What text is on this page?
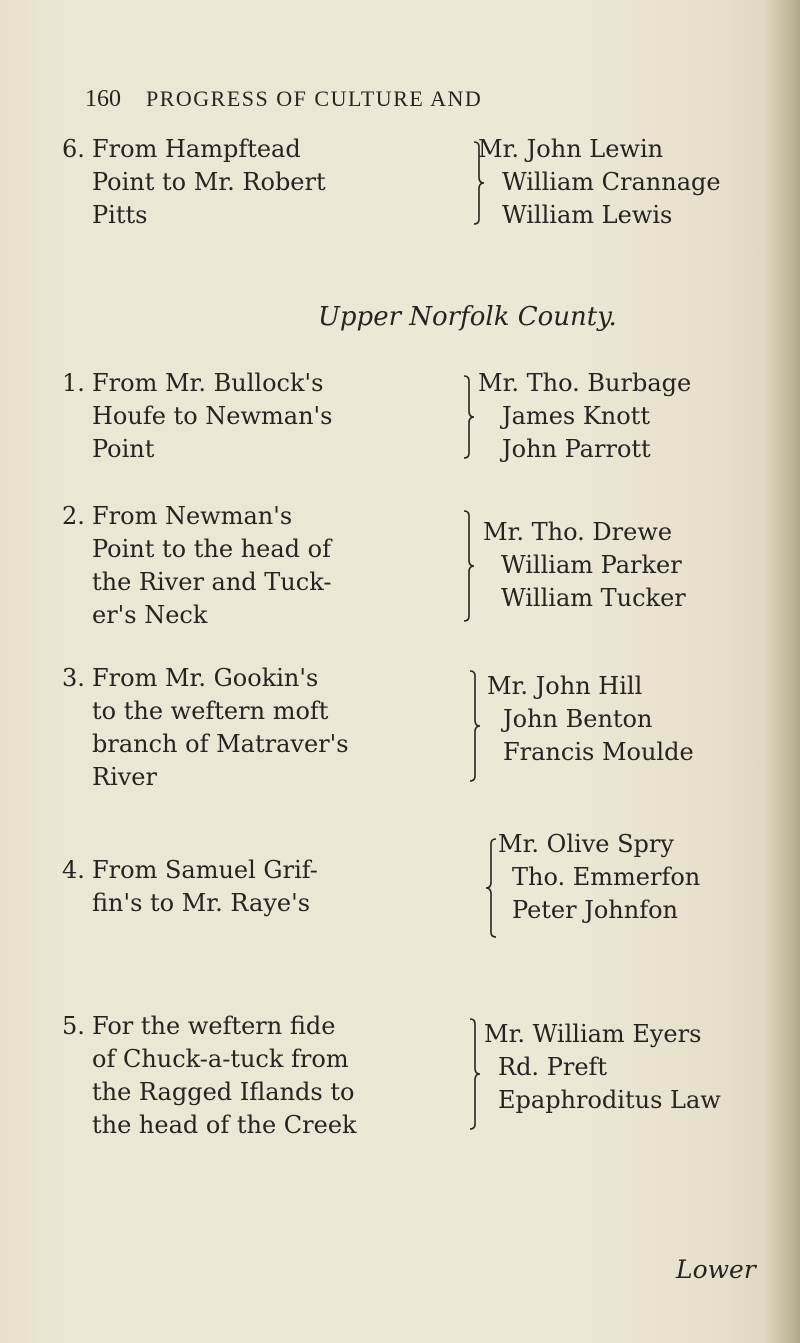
160 PROGRESS OF CULTURE AND
6. From Hampftead
Point to Mr. Robert
Pitts
Mr. John Lewin
William Crannage
William Lewis
Upper Norfolk County.
1. From Mr. Bullock's
Houfe to Newman's
Point
Mr. Tho. Burbage
James Knott
John Parrott
2. From Newman's
Point to the head of
the River and Tuck-
er's Neck
Mr. Tho. Drewe
William Parker
William Tucker
3. From Mr. Gookin's
to the weftern moft
branch of Matraver's
River
Mr. John Hill
John Benton
Francis Moulde
4. From Samuel Grif-
fin's to Mr. Raye's
Mr. Olive Spry
Tho. Emmerfon
Peter Johnfon
5. For the weftern fide
of Chuck-a-tuck from
the Ragged Iflands to
the head of the Creek
Mr. William Eyers
Rd. Preft
Epaphroditus Law
Lower
